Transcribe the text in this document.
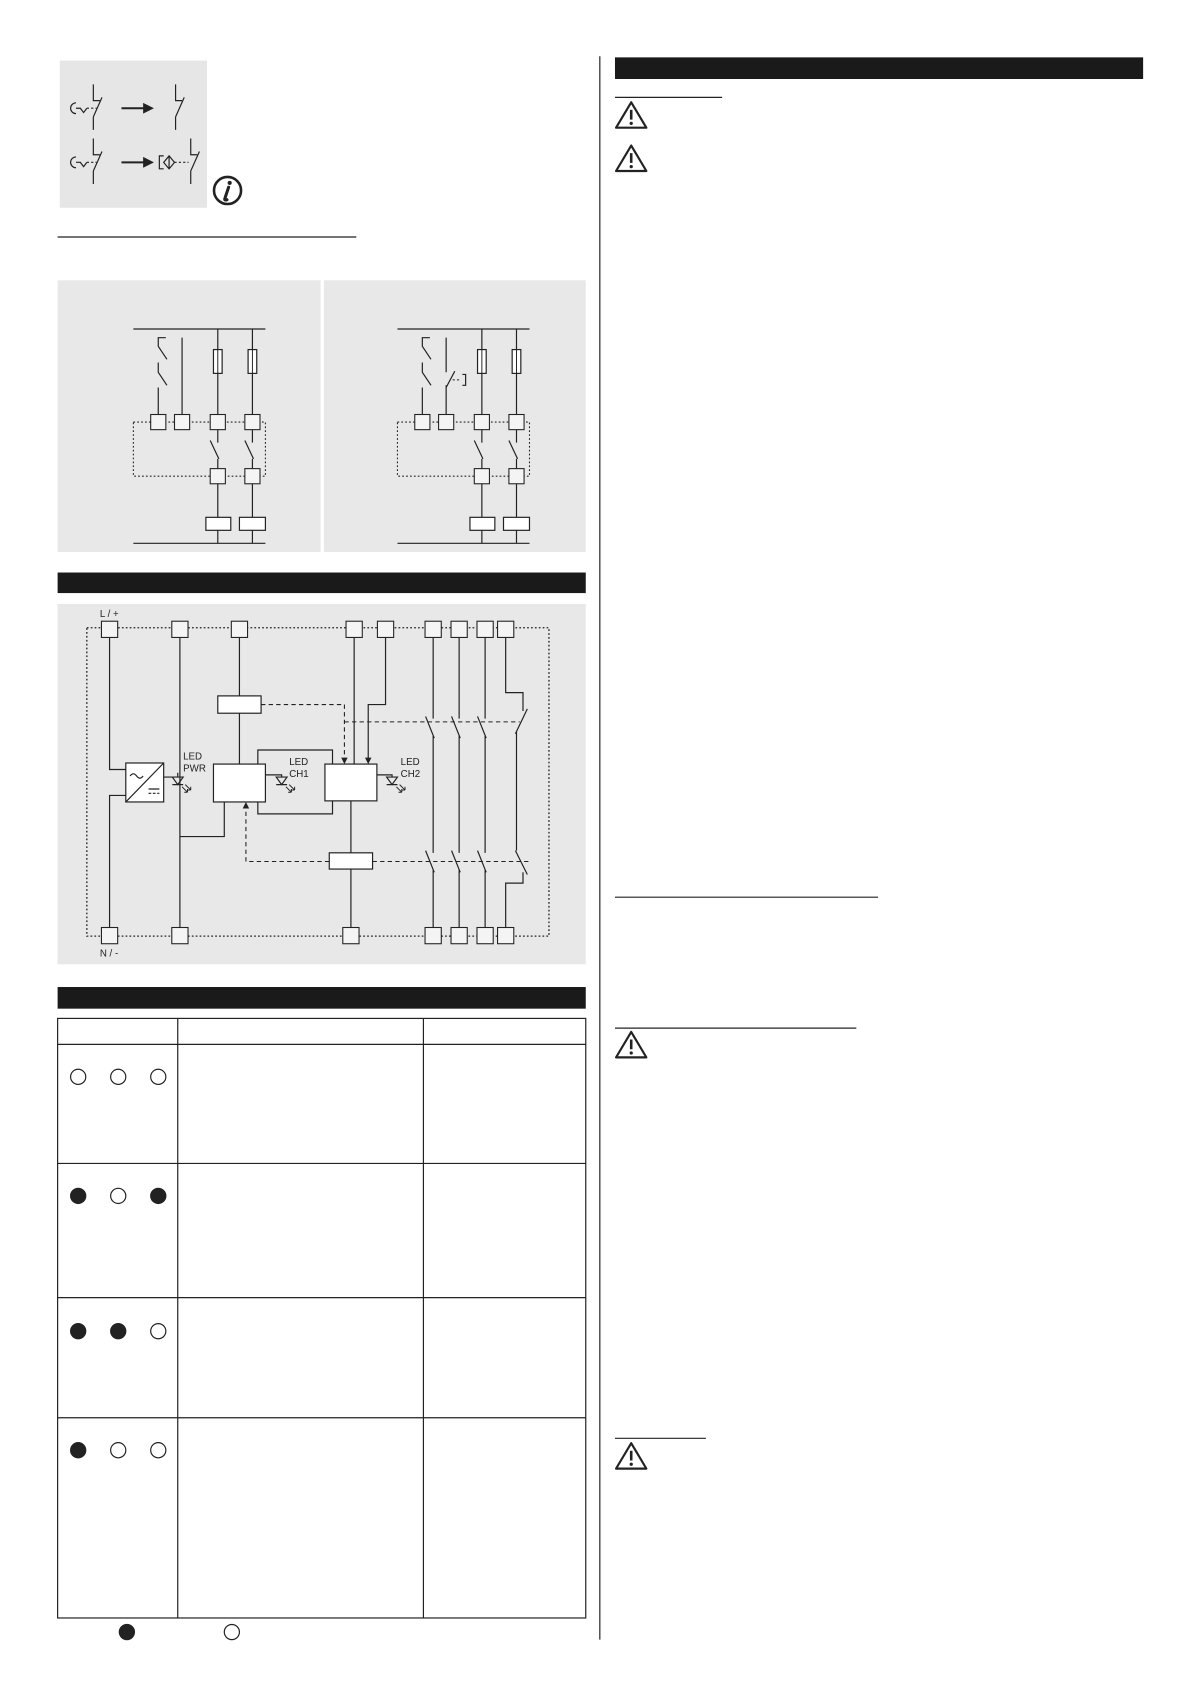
L / +
N / -
LED
PWR
LED
CH1
LED
CH2
